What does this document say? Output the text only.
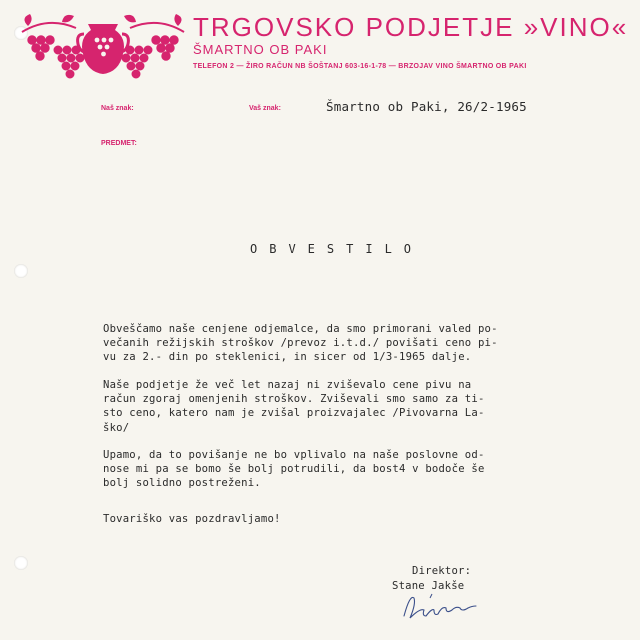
TRGOVSKO PODJETJE »VINO«
ŠMARTNO OB PAKI
TELEFON 2 — ŽIRO RAČUN NB ŠOŠTANJ 603-16-1-78 — BRZOJAV VINO ŠMARTNO OB PAKI
Naš znak:	Vaš znak:
PREDMET:
Šmartno ob Paki, 26/2-1965
OBVESTILO
Obveščamo naše cenjene odjemalce, da smo primorani valed po-
večanih režijskih stroškov /prevoz i.t.d./ povišati ceno pi-
vu za 2.- din po steklenici, in sicer od 1/3-1965 dalje.
Naše podjetje že več let nazaj ni zviševalo cene pivu na
račun zgoraj omenjenih stroškov. Zviševali smo samo za ti-
sto ceno, katero nam je zvišal proizvajalec /Pivovarna La-
ško/
Upamo, da to povišanje ne bo vplivalo na naše poslovne od-
nose mi pa se bomo še bolj potrudili, da bost4 v bodoče še
bolj solidno postreženi.
Tovariško vas pozdravljamo!
Direktor:
Stane Jakše
